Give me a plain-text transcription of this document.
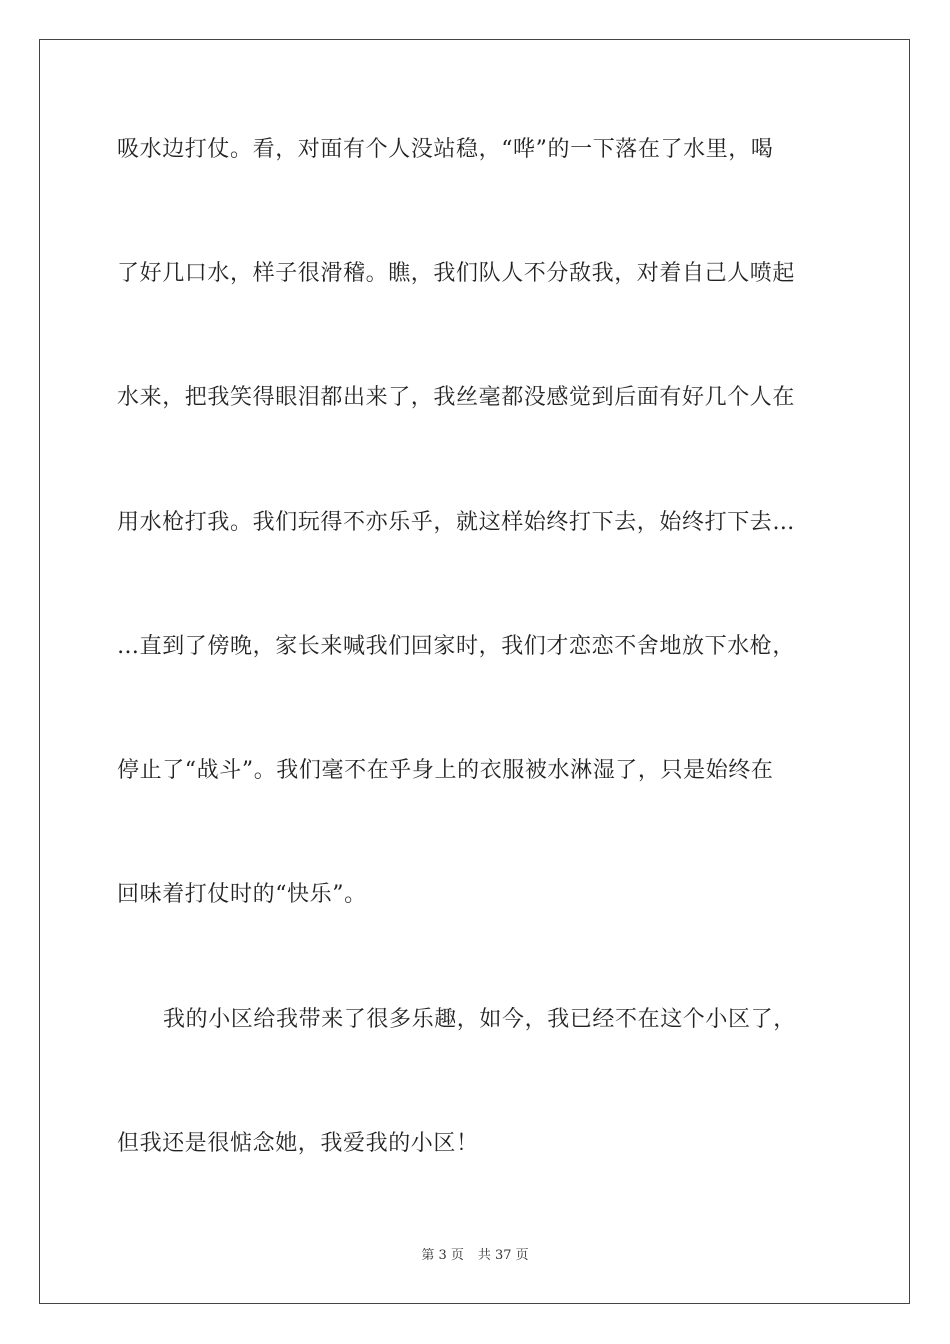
吸水边打仗。看，对面有个人没站稳，“哗”的一下落在了水里，喝
了好几口水，样子很滑稽。瞧，我们队人不分敌我，对着自己人喷起
水来，把我笑得眼泪都出来了，我丝毫都没感觉到后面有好几个人在
用水枪打我。我们玩得不亦乐乎，就这样始终打下去，始终打下去…
…直到了傍晚，家长来喊我们回家时，我们才恋恋不舍地放下水枪，
停止了“战斗”。我们毫不在乎身上的衣服被水淋湿了，只是始终在
回味着打仗时的“快乐”。
我的小区给我带来了很多乐趣，如今，我已经不在这个小区了，
但我还是很惦念她，我爱我的小区！
第 3 页 共 37 页
